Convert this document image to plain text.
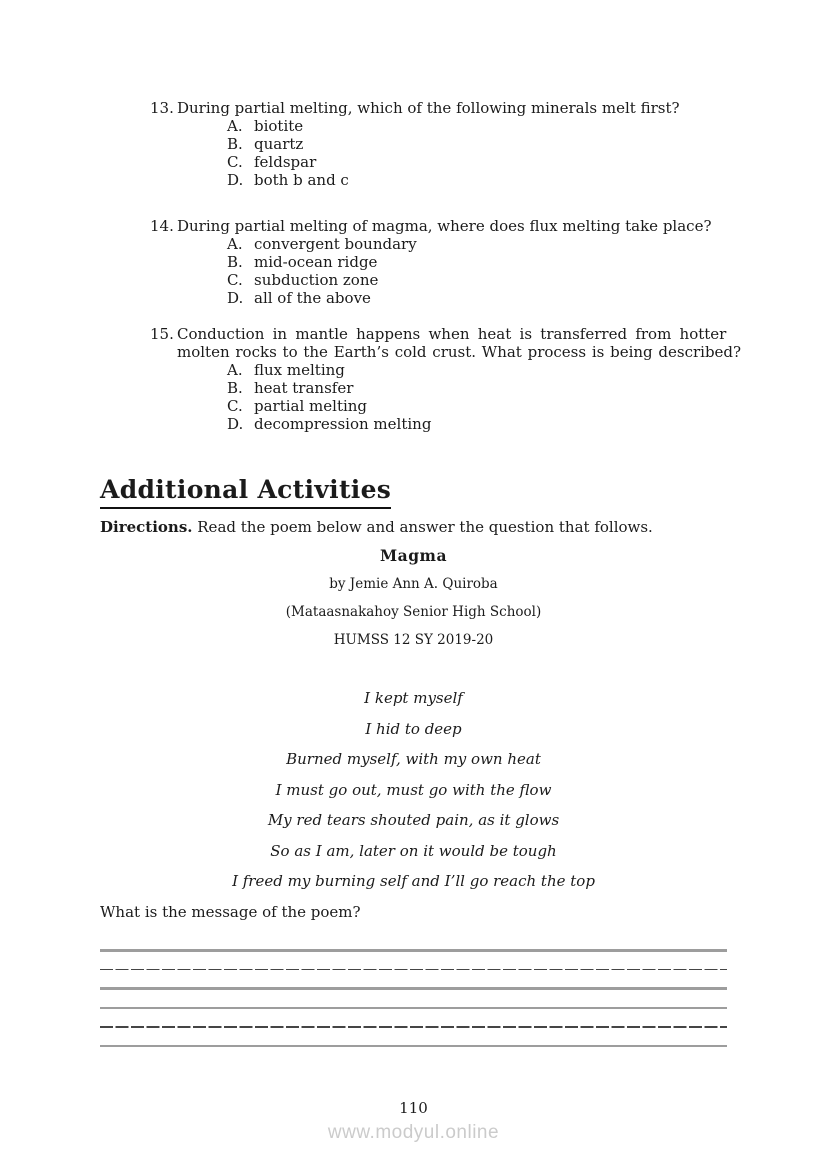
13. During partial melting, which of the following minerals melt first?
A. biotite
B. quartz
C. feldspar
D. both b and c
14. During partial melting of magma, where does flux melting take place?
A. convergent boundary
B. mid-ocean ridge
C. subduction zone
D. all of the above
15. Conduction in mantle happens when heat is transferred from hotter
molten rocks to the Earth’s cold crust. What process is being described?
A. flux melting
B. heat transfer
C. partial melting
D. decompression melting
Additional Activities
Directions. Read the poem below and answer the question that follows.
Magma
by Jemie Ann A. Quiroba
(Mataasnakahoy Senior High School)
HUMSS 12 SY 2019-20
I kept myself
I hid to deep
Burned myself, with my own heat
I must go out, must go with the flow
My red tears shouted pain, as it glows
So as I am, later on it would be tough
I freed my burning self and I’ll go reach the top
What is the message of the poem?
110
www.modyul.online
